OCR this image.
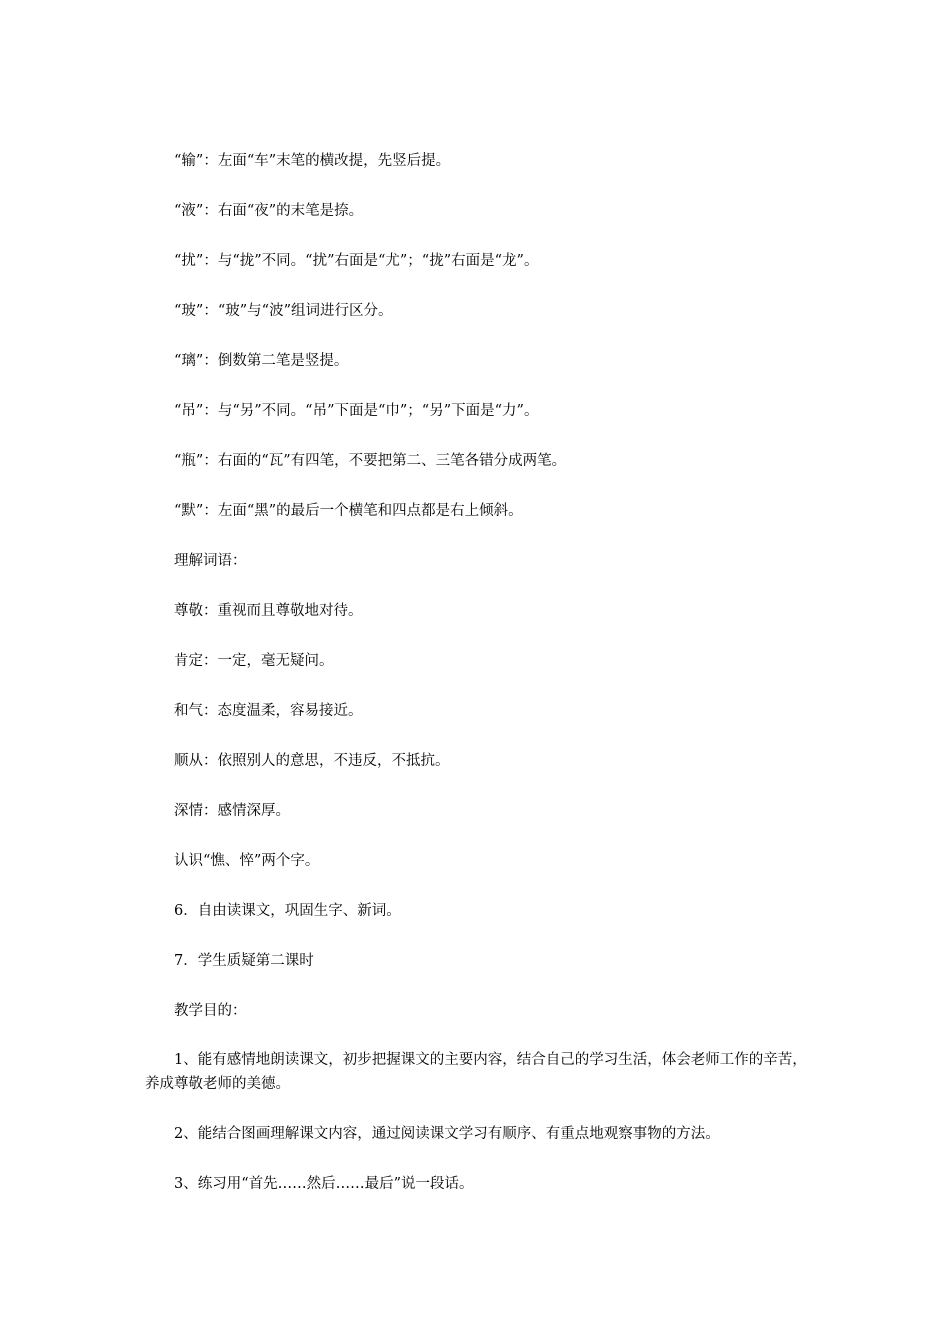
“输”：左面“车”末笔的横改提，先竖后提。

“液”：右面“夜”的末笔是捺。

“扰”：与“拢”不同。“扰”右面是“尤”；“拢”右面是“龙”。

“玻”：“玻”与“波”组词进行区分。

“璃”：倒数第二笔是竖提。

“吊”：与“另”不同。“吊”下面是“巾”；“另”下面是“力”。

“瓶”：右面的“瓦”有四笔，不要把第二、三笔各错分成两笔。

“默”：左面“黑”的最后一个横笔和四点都是右上倾斜。

理解词语：

尊敬：重视而且尊敬地对待。

肯定：一定，毫无疑问。

和气：态度温柔，容易接近。

顺从：依照别人的意思，不违反，不抵抗。

深情：感情深厚。

认识“憔、悴”两个字。

6．自由读课文，巩固生字、新词。

7．学生质疑第二课时

教学目的：

1、能有感情地朗读课文，初步把握课文的主要内容，结合自己的学习生活，体会老师工作的辛苦，养成尊敬老师的美德。

2、能结合图画理解课文内容，通过阅读课文学习有顺序、有重点地观察事物的方法。

3、练习用“首先……然后……最后”说一段话。
